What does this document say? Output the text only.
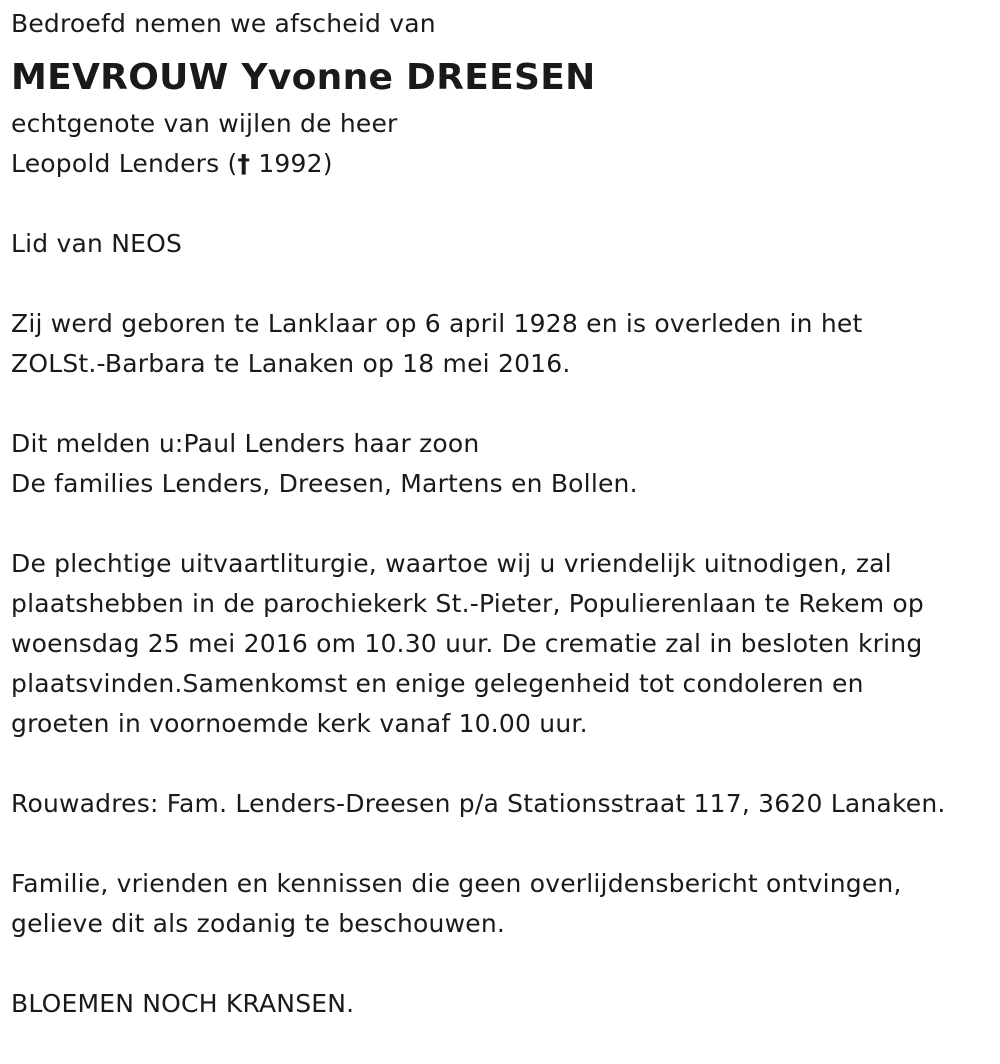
Bedroefd nemen we afscheid van
MEVROUW Yvonne DREESEN
echtgenote van wijlen de heer
Leopold Lenders († 1992)
Lid van NEOS
Zij werd geboren te Lanklaar op 6 april 1928 en is overleden in het
ZOLSt.-Barbara te Lanaken op 18 mei 2016.
Dit melden u:Paul Lenders haar zoon
De families Lenders, Dreesen, Martens en Bollen.
De plechtige uitvaartliturgie, waartoe wij u vriendelijk uitnodigen, zal
plaatshebben in de parochiekerk St.-Pieter, Populierenlaan te Rekem op
woensdag 25 mei 2016 om 10.30 uur. De crematie zal in besloten kring
plaatsvinden.Samenkomst en enige gelegenheid tot condoleren en
groeten in voornoemde kerk vanaf 10.00 uur.
Rouwadres: Fam. Lenders-Dreesen p/a Stationsstraat 117, 3620 Lanaken.
Familie, vrienden en kennissen die geen overlijdensbericht ontvingen,
gelieve dit als zodanig te beschouwen.
BLOEMEN NOCH KRANSEN.
